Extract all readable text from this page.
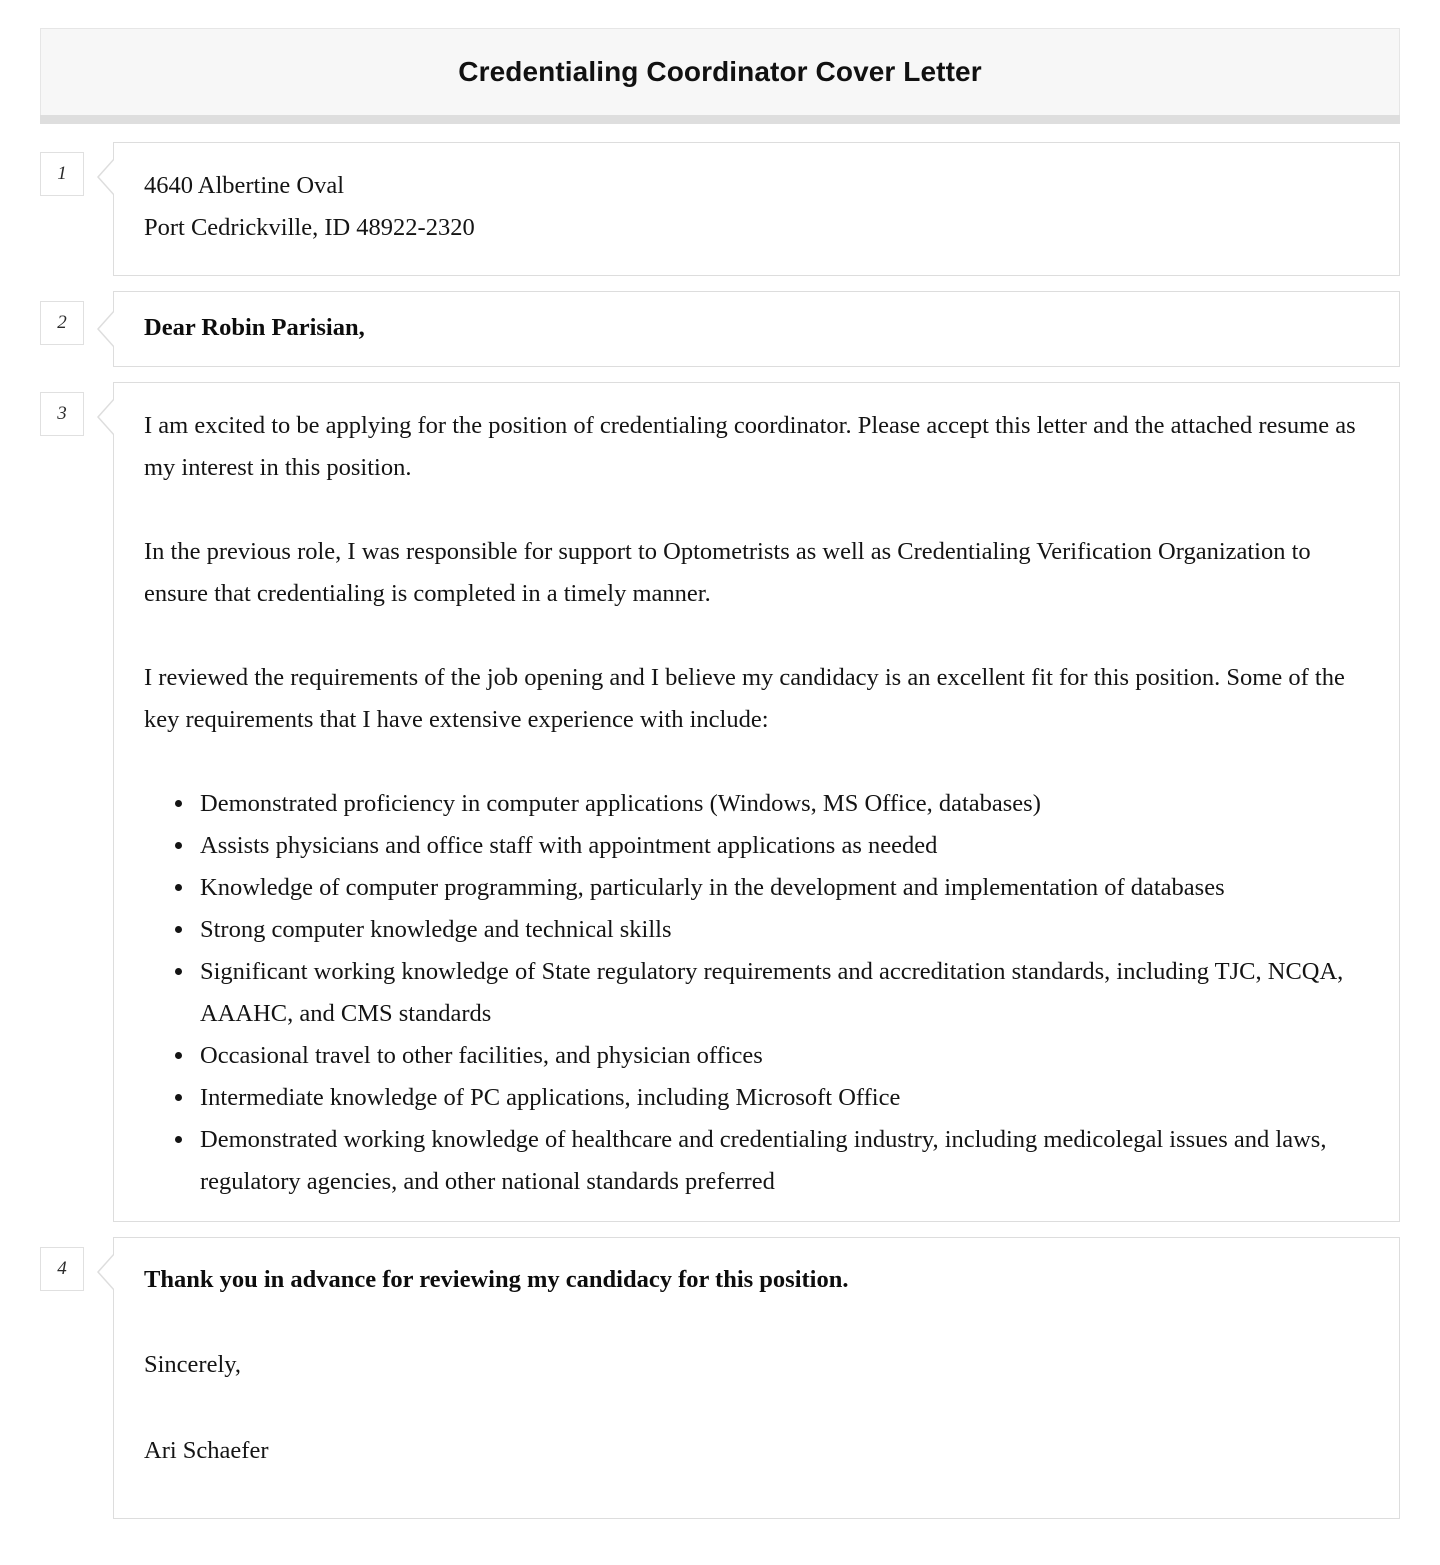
Credentialing Coordinator Cover Letter
1	4640 Albertine Oval
Port Cedrickville, ID 48922-2320
2	Dear Robin Parisian,
3	I am excited to be applying for the position of credentialing coordinator. Please accept this letter and the attached resume as my interest in this position.

In the previous role, I was responsible for support to Optometrists as well as Credentialing Verification Organization to ensure that credentialing is completed in a timely manner.

I reviewed the requirements of the job opening and I believe my candidacy is an excellent fit for this position. Some of the key requirements that I have extensive experience with include:

• Demonstrated proficiency in computer applications (Windows, MS Office, databases)
• Assists physicians and office staff with appointment applications as needed
• Knowledge of computer programming, particularly in the development and implementation of databases
• Strong computer knowledge and technical skills
• Significant working knowledge of State regulatory requirements and accreditation standards, including TJC, NCQA, AAAHC, and CMS standards
• Occasional travel to other facilities, and physician offices
• Intermediate knowledge of PC applications, including Microsoft Office
• Demonstrated working knowledge of healthcare and credentialing industry, including medicolegal issues and laws, regulatory agencies, and other national standards preferred
4	Thank you in advance for reviewing my candidacy for this position.

Sincerely,

Ari Schaefer
